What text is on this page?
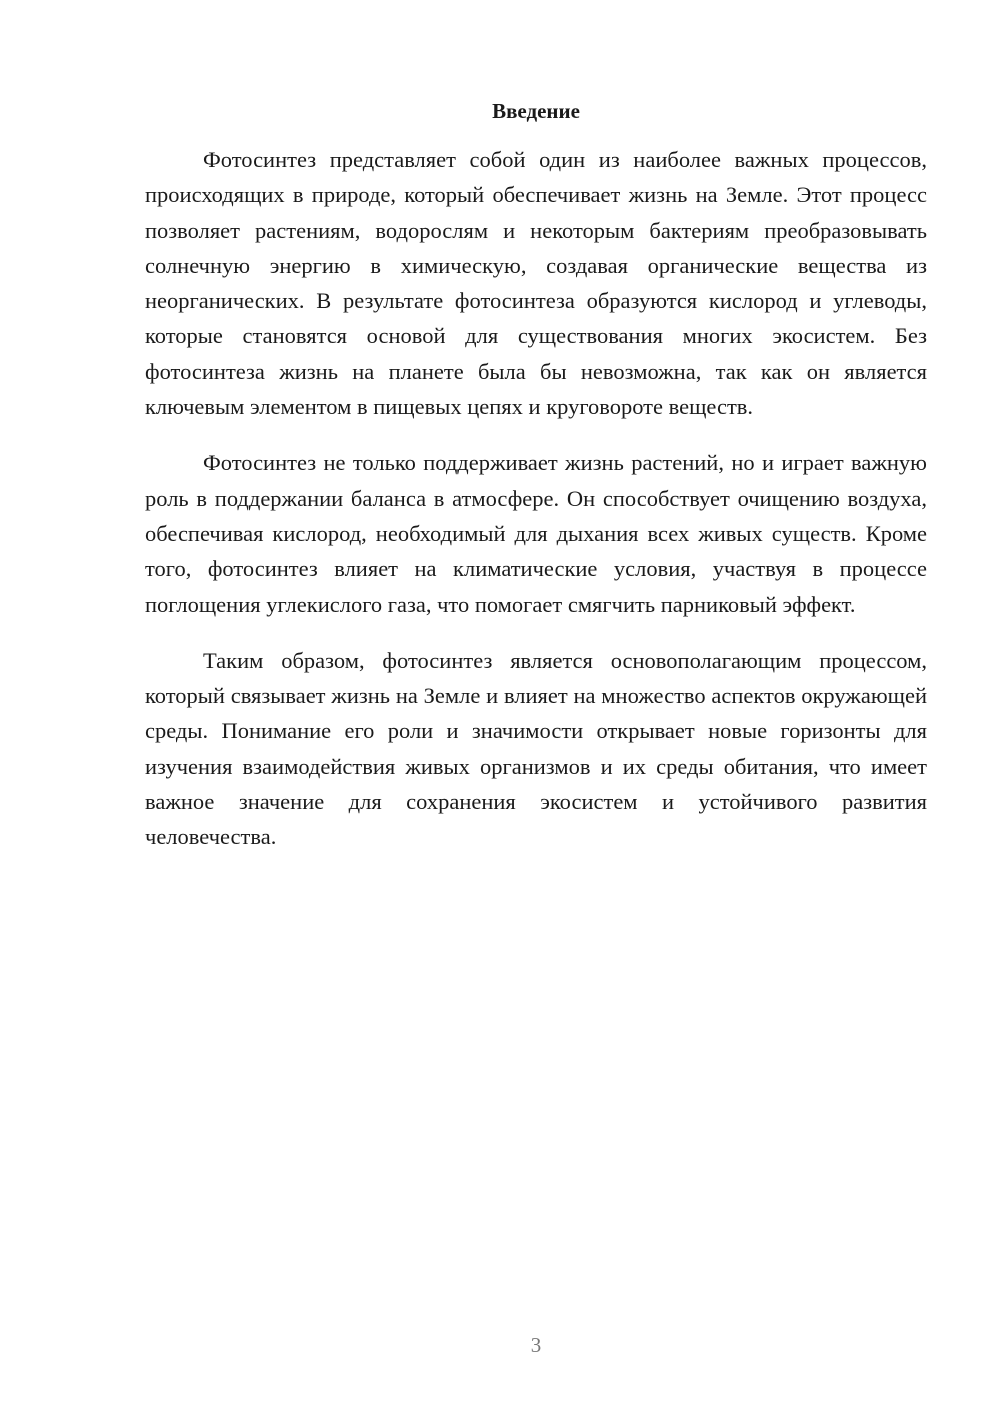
Введение

Фотосинтез представляет собой один из наиболее важных процессов, происходящих в природе, который обеспечивает жизнь на Земле. Этот процесс позволяет растениям, водорослям и некоторым бактериям преобразовывать солнечную энергию в химическую, создавая органические вещества из неорганических. В результате фотосинтеза образуются кислород и углеводы, которые становятся основой для существования многих экосистем. Без фотосинтеза жизнь на планете была бы невозможна, так как он является ключевым элементом в пищевых цепях и круговороте веществ.

Фотосинтез не только поддерживает жизнь растений, но и играет важную роль в поддержании баланса в атмосфере. Он способствует очищению воздуха, обеспечивая кислород, необходимый для дыхания всех живых существ. Кроме того, фотосинтез влияет на климатические условия, участвуя в процессе поглощения углекислого газа, что помогает смягчить парниковый эффект.

Таким образом, фотосинтез является основополагающим процессом, который связывает жизнь на Земле и влияет на множество аспектов окружающей среды. Понимание его роли и значимости открывает новые горизонты для изучения взаимодействия живых организмов и их среды обитания, что имеет важное значение для сохранения экосистем и устойчивого развития человечества.

3
